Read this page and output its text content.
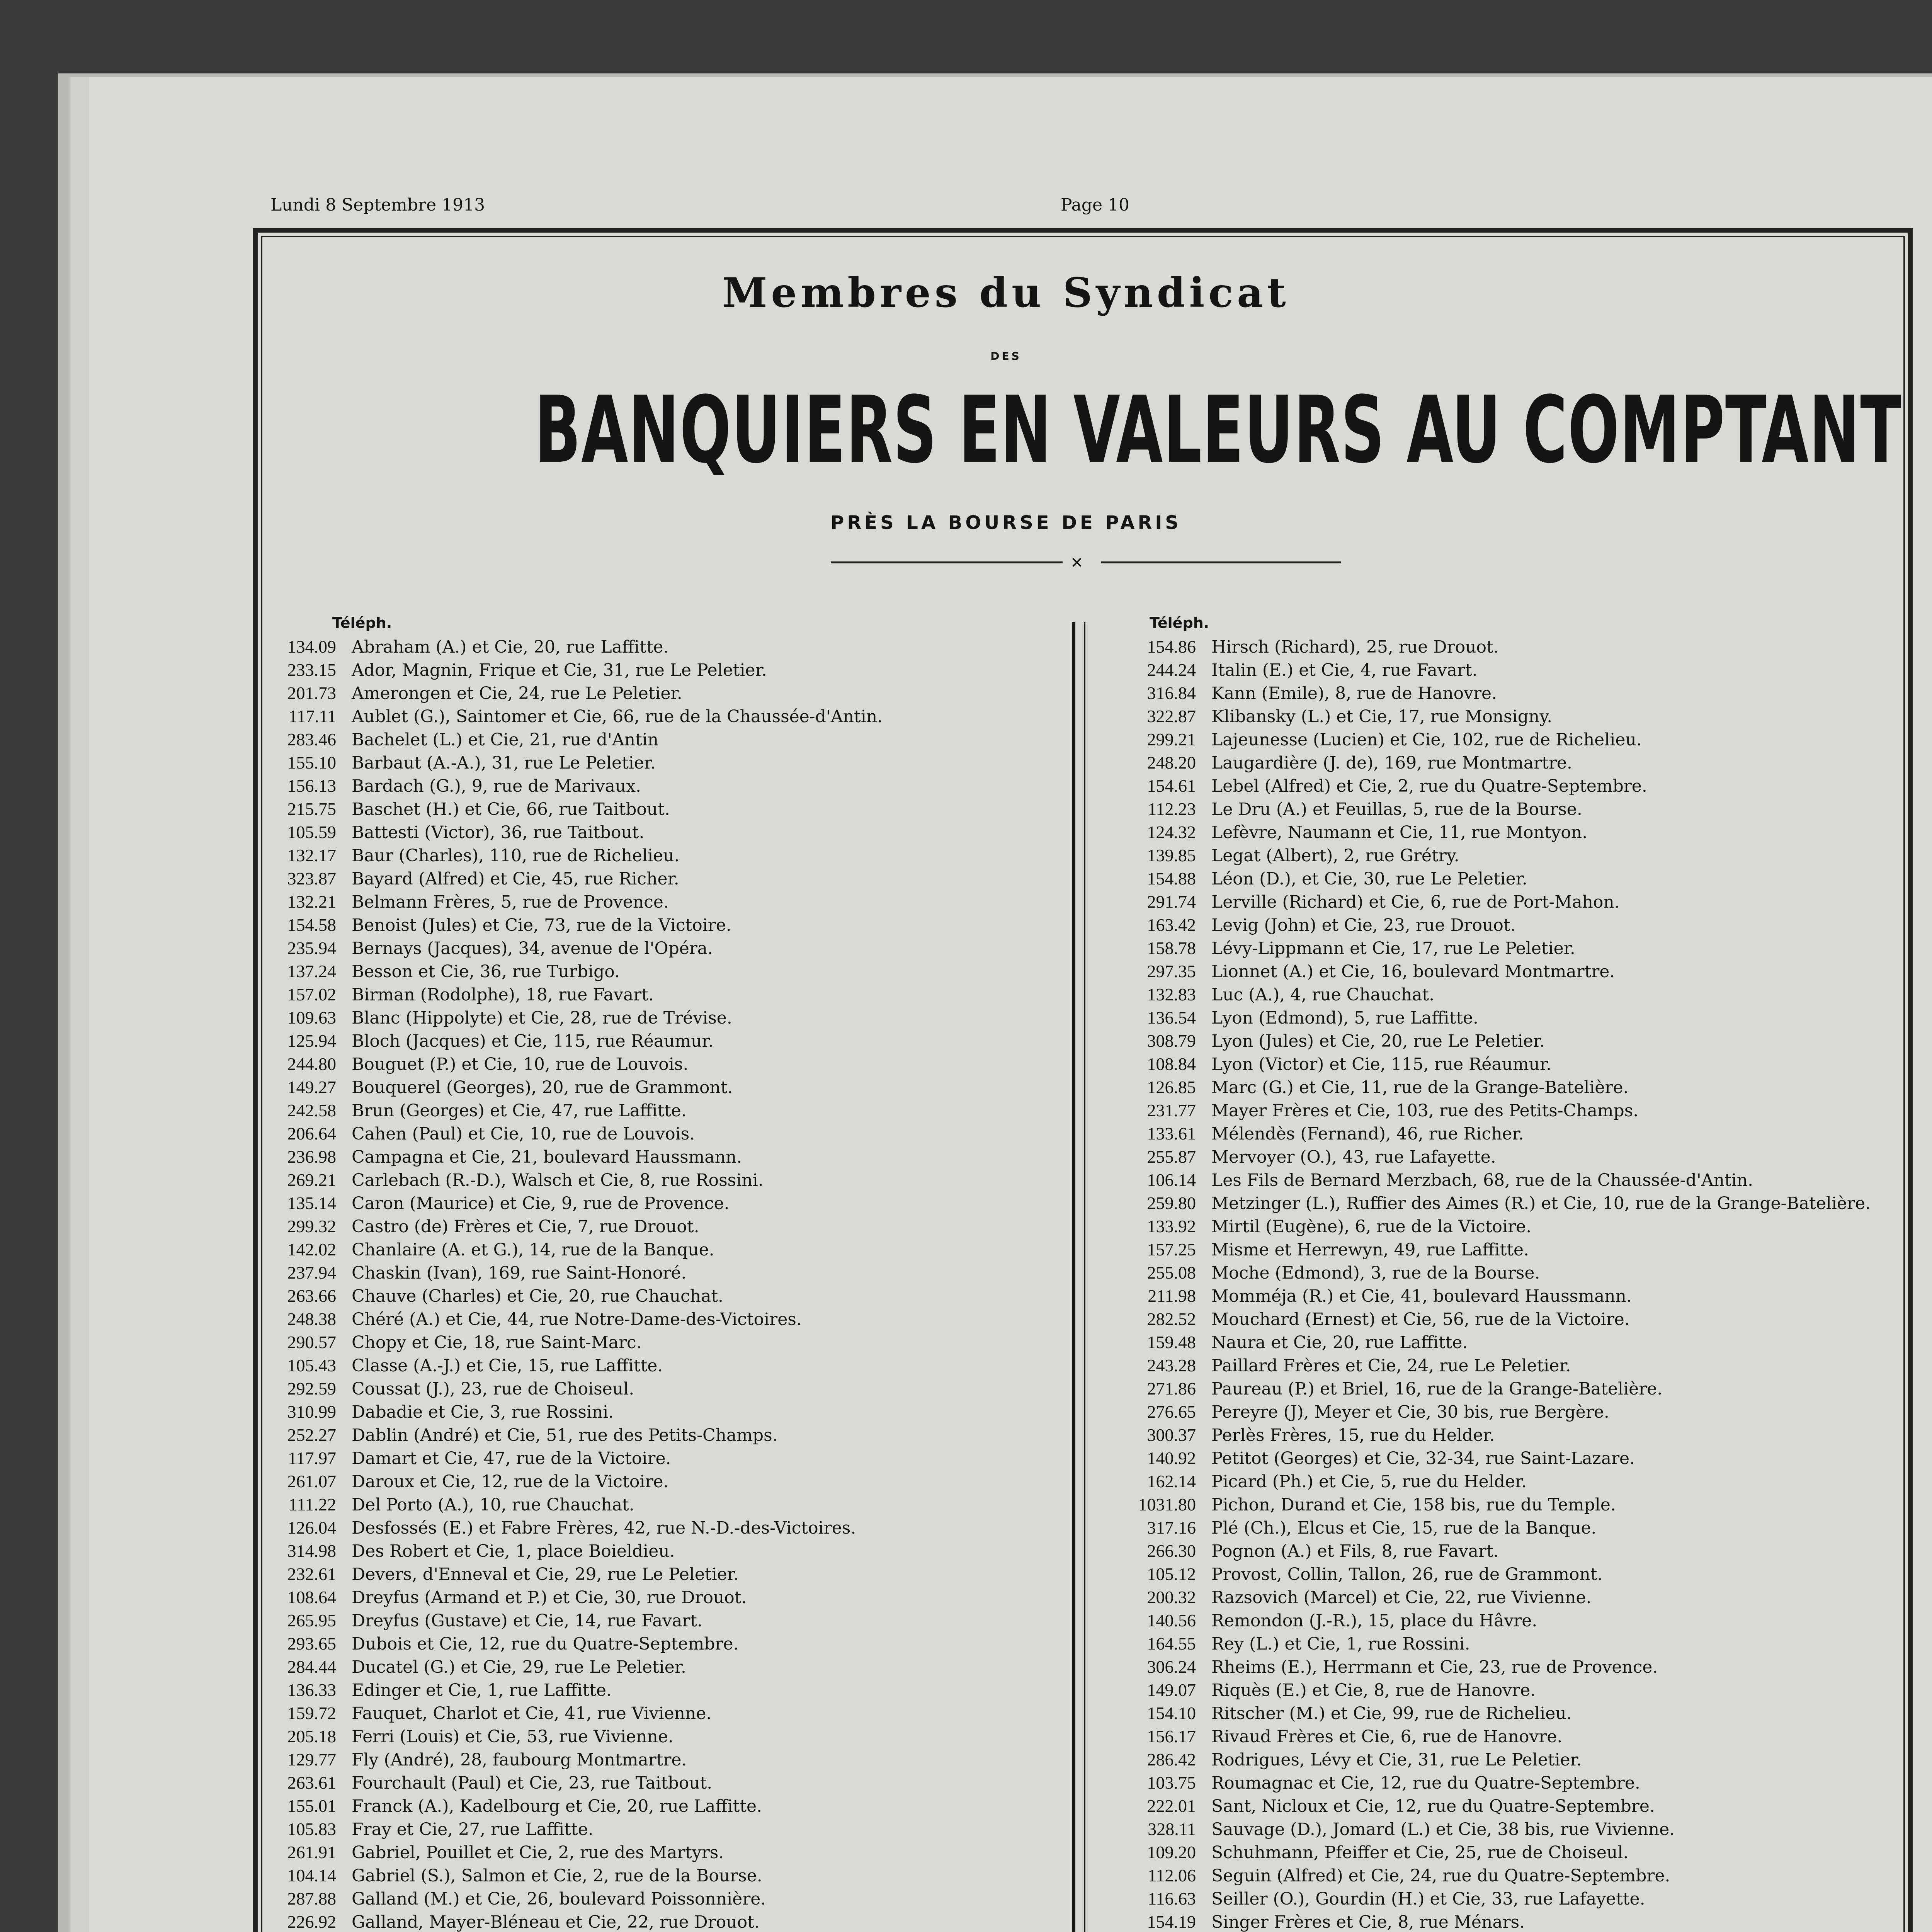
Lundi 8 Septembre 1913	Page 10
Membres du Syndicat
DES
BANQUIERS EN VALEURS AU COMPTANT
PRÈS LA BOURSE DE PARIS
✕
Téléph.	Téléph.
134.09 Abraham (A.) et Cie, 20, rue Laffitte.
233.15 Ador, Magnin, Frique et Cie, 31, rue Le Peletier.
201.73 Amerongen et Cie, 24, rue Le Peletier.
117.11 Aublet (G.), Saintomer et Cie, 66, rue de la Chaussée-d'Antin.
283.46 Bachelet (L.) et Cie, 21, rue d'Antin
155.10 Barbaut (A.-A.), 31, rue Le Peletier.
156.13 Bardach (G.), 9, rue de Marivaux.
215.75 Baschet (H.) et Cie, 66, rue Taitbout.
105.59 Battesti (Victor), 36, rue Taitbout.
132.17 Baur (Charles), 110, rue de Richelieu.
323.87 Bayard (Alfred) et Cie, 45, rue Richer.
132.21 Belmann Frères, 5, rue de Provence.
154.58 Benoist (Jules) et Cie, 73, rue de la Victoire.
235.94 Bernays (Jacques), 34, avenue de l'Opéra.
137.24 Besson et Cie, 36, rue Turbigo.
157.02 Birman (Rodolphe), 18, rue Favart.
109.63 Blanc (Hippolyte) et Cie, 28, rue de Trévise.
125.94 Bloch (Jacques) et Cie, 115, rue Réaumur.
244.80 Bouguet (P.) et Cie, 10, rue de Louvois.
149.27 Bouquerel (Georges), 20, rue de Grammont.
242.58 Brun (Georges) et Cie, 47, rue Laffitte.
206.64 Cahen (Paul) et Cie, 10, rue de Louvois.
236.98 Campagna et Cie, 21, boulevard Haussmann.
269.21 Carlebach (R.-D.), Walsch et Cie, 8, rue Rossini.
135.14 Caron (Maurice) et Cie, 9, rue de Provence.
299.32 Castro (de) Frères et Cie, 7, rue Drouot.
142.02 Chanlaire (A. et G.), 14, rue de la Banque.
237.94 Chaskin (Ivan), 169, rue Saint-Honoré.
263.66 Chauve (Charles) et Cie, 20, rue Chauchat.
248.38 Chéré (A.) et Cie, 44, rue Notre-Dame-des-Victoires.
290.57 Chopy et Cie, 18, rue Saint-Marc.
105.43 Classe (A.-J.) et Cie, 15, rue Laffitte.
292.59 Coussat (J.), 23, rue de Choiseul.
310.99 Dabadie et Cie, 3, rue Rossini.
252.27 Dablin (André) et Cie, 51, rue des Petits-Champs.
117.97 Damart et Cie, 47, rue de la Victoire.
261.07 Daroux et Cie, 12, rue de la Victoire.
111.22 Del Porto (A.), 10, rue Chauchat.
126.04 Desfossés (E.) et Fabre Frères, 42, rue N.-D.-des-Victoires.
314.98 Des Robert et Cie, 1, place Boieldieu.
232.61 Devers, d'Enneval et Cie, 29, rue Le Peletier.
108.64 Dreyfus (Armand et P.) et Cie, 30, rue Drouot.
265.95 Dreyfus (Gustave) et Cie, 14, rue Favart.
293.65 Dubois et Cie, 12, rue du Quatre-Septembre.
284.44 Ducatel (G.) et Cie, 29, rue Le Peletier.
136.33 Edinger et Cie, 1, rue Laffitte.
159.72 Fauquet, Charlot et Cie, 41, rue Vivienne.
205.18 Ferri (Louis) et Cie, 53, rue Vivienne.
129.77 Fly (André), 28, faubourg Montmartre.
263.61 Fourchault (Paul) et Cie, 23, rue Taitbout.
155.01 Franck (A.), Kadelbourg et Cie, 20, rue Laffitte.
105.83 Fray et Cie, 27, rue Laffitte.
261.91 Gabriel, Pouillet et Cie, 2, rue des Martyrs.
104.14 Gabriel (S.), Salmon et Cie, 2, rue de la Bourse.
287.88 Galland (M.) et Cie, 26, boulevard Poissonnière.
226.92 Galland, Mayer-Bléneau et Cie, 22, rue Drouot.
154.86 Hirsch (Richard), 25, rue Drouot.
244.24 Italin (E.) et Cie, 4, rue Favart.
316.84 Kann (Emile), 8, rue de Hanovre.
322.87 Klibansky (L.) et Cie, 17, rue Monsigny.
299.21 Lajeunesse (Lucien) et Cie, 102, rue de Richelieu.
248.20 Laugardière (J. de), 169, rue Montmartre.
154.61 Lebel (Alfred) et Cie, 2, rue du Quatre-Septembre.
112.23 Le Dru (A.) et Feuillas, 5, rue de la Bourse.
124.32 Lefèvre, Naumann et Cie, 11, rue Montyon.
139.85 Legat (Albert), 2, rue Grétry.
154.88 Léon (D.), et Cie, 30, rue Le Peletier.
291.74 Lerville (Richard) et Cie, 6, rue de Port-Mahon.
163.42 Levig (John) et Cie, 23, rue Drouot.
158.78 Lévy-Lippmann et Cie, 17, rue Le Peletier.
297.35 Lionnet (A.) et Cie, 16, boulevard Montmartre.
132.83 Luc (A.), 4, rue Chauchat.
136.54 Lyon (Edmond), 5, rue Laffitte.
308.79 Lyon (Jules) et Cie, 20, rue Le Peletier.
108.84 Lyon (Victor) et Cie, 115, rue Réaumur.
126.85 Marc (G.) et Cie, 11, rue de la Grange-Batelière.
231.77 Mayer Frères et Cie, 103, rue des Petits-Champs.
133.61 Mélendès (Fernand), 46, rue Richer.
255.87 Mervoyer (O.), 43, rue Lafayette.
106.14 Les Fils de Bernard Merzbach, 68, rue de la Chaussée-d'Antin.
259.80 Metzinger (L.), Ruffier des Aimes (R.) et Cie, 10, rue de la Grange-Batelière.
133.92 Mirtil (Eugène), 6, rue de la Victoire.
157.25 Misme et Herrewyn, 49, rue Laffitte.
255.08 Moche (Edmond), 3, rue de la Bourse.
211.98 Momméja (R.) et Cie, 41, boulevard Haussmann.
282.52 Mouchard (Ernest) et Cie, 56, rue de la Victoire.
159.48 Naura et Cie, 20, rue Laffitte.
243.28 Paillard Frères et Cie, 24, rue Le Peletier.
271.86 Paureau (P.) et Briel, 16, rue de la Grange-Batelière.
276.65 Pereyre (J), Meyer et Cie, 30 bis, rue Bergère.
300.37 Perlès Frères, 15, rue du Helder.
140.92 Petitot (Georges) et Cie, 32-34, rue Saint-Lazare.
162.14 Picard (Ph.) et Cie, 5, rue du Helder.
1031.80 Pichon, Durand et Cie, 158 bis, rue du Temple.
317.16 Plé (Ch.), Elcus et Cie, 15, rue de la Banque.
266.30 Pognon (A.) et Fils, 8, rue Favart.
105.12 Provost, Collin, Tallon, 26, rue de Grammont.
200.32 Razsovich (Marcel) et Cie, 22, rue Vivienne.
140.56 Remondon (J.-R.), 15, place du Hâvre.
164.55 Rey (L.) et Cie, 1, rue Rossini.
306.24 Rheims (E.), Herrmann et Cie, 23, rue de Provence.
149.07 Riquès (E.) et Cie, 8, rue de Hanovre.
154.10 Ritscher (M.) et Cie, 99, rue de Richelieu.
156.17 Rivaud Frères et Cie, 6, rue de Hanovre.
286.42 Rodrigues, Lévy et Cie, 31, rue Le Peletier.
103.75 Roumagnac et Cie, 12, rue du Quatre-Septembre.
222.01 Sant, Nicloux et Cie, 12, rue du Quatre-Septembre.
328.11 Sauvage (D.), Jomard (L.) et Cie, 38 bis, rue Vivienne.
109.20 Schuhmann, Pfeiffer et Cie, 25, rue de Choiseul.
112.06 Seguin (Alfred) et Cie, 24, rue du Quatre-Septembre.
116.63 Seiller (O.), Gourdin (H.) et Cie, 33, rue Lafayette.
154.19 Singer Frères et Cie, 8, rue Ménars.
